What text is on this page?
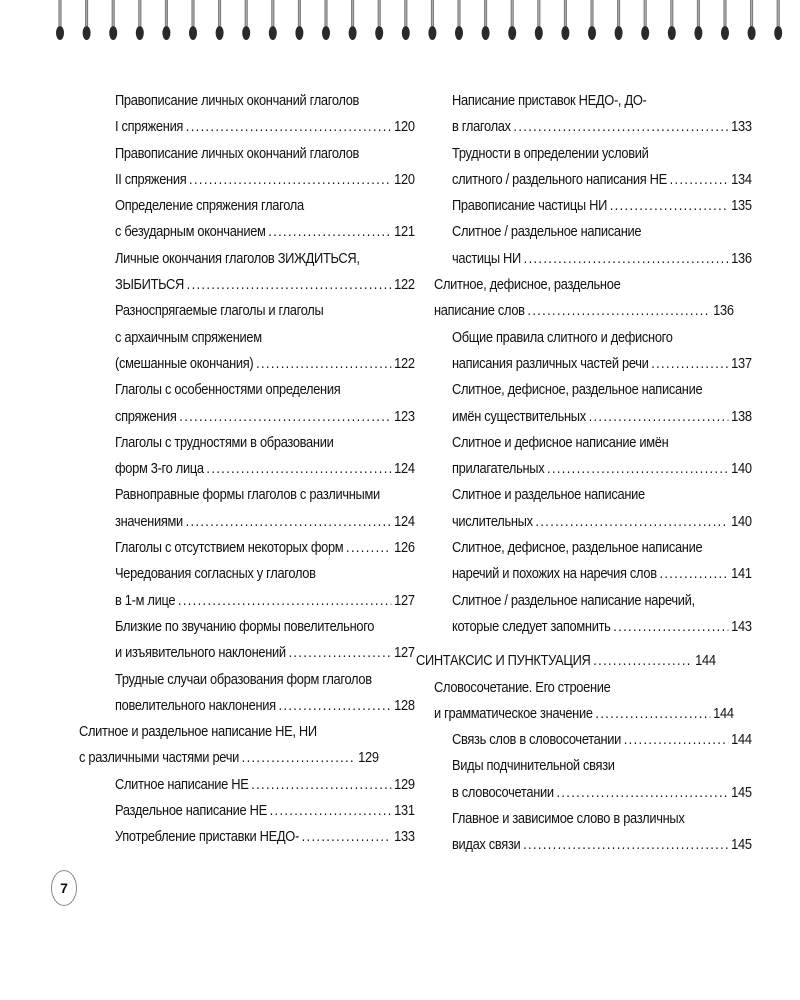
Правописание личных окончаний глаголов
I спряжения .....	120
Правописание личных окончаний глаголов
II спряжения .....	120
Определение спряжения глагола
с безударным окончанием .....	121
Личные окончания глаголов ЗИЖДИТЬСЯ,
ЗЫБИТЬСЯ .....	122
Разноспрягаемые глаголы и глаголы
с архаичным спряжением
(смешанные окончания) .....	122
Глаголы с особенностями определения
спряжения .....	123
Глаголы с трудностями в образовании
форм 3-го лица .....	124
Равноправные формы глаголов с различными
значениями .....	124
Глаголы с отсутствием некоторых форм .....	126
Чередования согласных у глаголов
в 1-м лице .....	127
Близкие по звучанию формы повелительного
и изъявительного наклонений .....	127
Трудные случаи образования форм глаголов
повелительного наклонения .....	128
Слитное и раздельное написание НЕ, НИ
с различными частями речи .....	129
Слитное написание НЕ .....	129
Раздельное написание НЕ .....	131
Употребление приставки НЕДО- .....	133
Написание приставок НЕДО-, ДО-
в глаголах .....	133
Трудности в определении условий
слитного / раздельного написания НЕ .....	134
Правописание частицы НИ .....	135
Слитное / раздельное написание
частицы НИ .....	136
Слитное, дефисное, раздельное
написание слов .....	136
Общие правила слитного и дефисного
написания различных частей речи .....	137
Слитное, дефисное, раздельное написание
имён существительных .....	138
Слитное и дефисное написание имён
прилагательных .....	140
Слитное и раздельное написание
числительных .....	140
Слитное, дефисное, раздельное написание
наречий и похожих на наречия слов .....	141
Слитное / раздельное написание наречий,
которые следует запомнить .....	143
СИНТАКСИС И ПУНКТУАЦИЯ .....	144
Словосочетание. Его строение
и грамматическое значение .....	144
Связь слов в словосочетании .....	144
Виды подчинительной связи
в словосочетании .....	145
Главное и зависимое слово в различных
видах связи .....	145
7
